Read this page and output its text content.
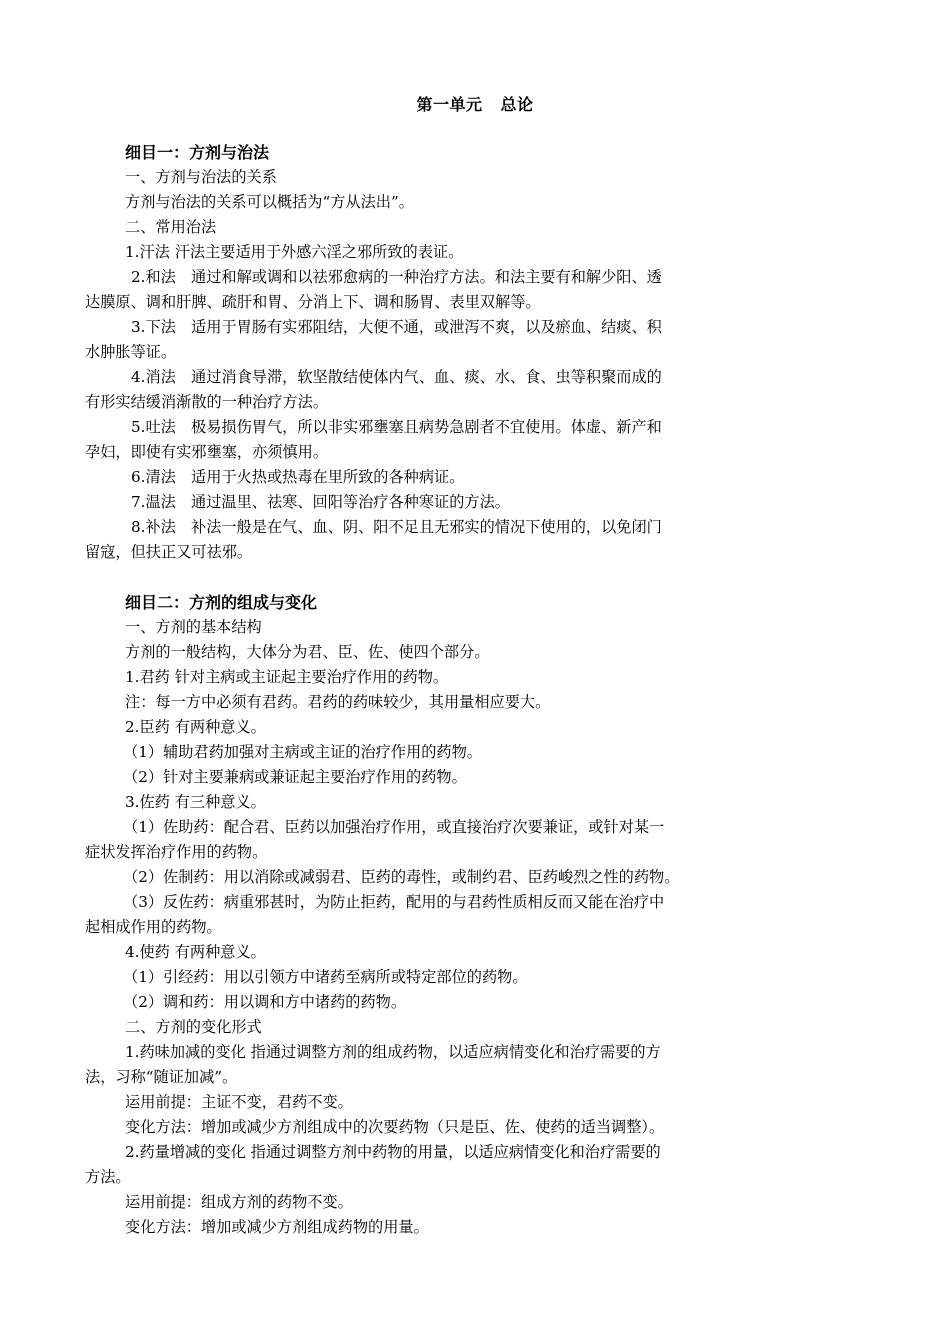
第一单元 总论
细目一：方剂与治法
一、方剂与治法的关系
方剂与治法的关系可以概括为“方从法出”。
二、常用治法
1.汗法 汗法主要适用于外感六淫之邪所致的表证。
2.和法　通过和解或调和以祛邪愈病的一种治疗方法。和法主要有和解少阳、透
达膜原、调和肝脾、疏肝和胃、分消上下、调和肠胃、表里双解等。
3.下法　适用于胃肠有实邪阻结，大便不通，或泄泻不爽，以及瘀血、结痰、积
水肿胀等证。
4.消法　通过消食导滞，软坚散结使体内气、血、痰、水、食、虫等积聚而成的
有形实结缓消渐散的一种治疗方法。
5.吐法　极易损伤胃气，所以非实邪壅塞且病势急剧者不宜使用。体虚、新产和
孕妇，即使有实邪壅塞，亦须慎用。
6.清法　适用于火热或热毒在里所致的各种病证。
7.温法　通过温里、祛寒、回阳等治疗各种寒证的方法。
8.补法　补法一般是在气、血、阴、阳不足且无邪实的情况下使用的，以免闭门
留寇，但扶正又可祛邪。
细目二：方剂的组成与变化
一、方剂的基本结构
方剂的一般结构，大体分为君、臣、佐、使四个部分。
1.君药 针对主病或主证起主要治疗作用的药物。
注：每一方中必须有君药。君药的药味较少，其用量相应要大。
2.臣药 有两种意义。
（1）辅助君药加强对主病或主证的治疗作用的药物。
（2）针对主要兼病或兼证起主要治疗作用的药物。
3.佐药 有三种意义。
（1）佐助药：配合君、臣药以加强治疗作用，或直接治疗次要兼证，或针对某一
症状发挥治疗作用的药物。
（2）佐制药：用以消除或减弱君、臣药的毒性，或制约君、臣药峻烈之性的药物。
（3）反佐药：病重邪甚时，为防止拒药，配用的与君药性质相反而又能在治疗中
起相成作用的药物。
4.使药 有两种意义。
（1）引经药：用以引领方中诸药至病所或特定部位的药物。
（2）调和药：用以调和方中诸药的药物。
二、方剂的变化形式
1.药味加减的变化 指通过调整方剂的组成药物，以适应病情变化和治疗需要的方
法，习称“随证加减”。
运用前提：主证不变，君药不变。
变化方法：增加或减少方剂组成中的次要药物（只是臣、佐、使药的适当调整）。
2.药量增减的变化 指通过调整方剂中药物的用量，以适应病情变化和治疗需要的
方法。
运用前提：组成方剂的药物不变。
变化方法：增加或减少方剂组成药物的用量。
